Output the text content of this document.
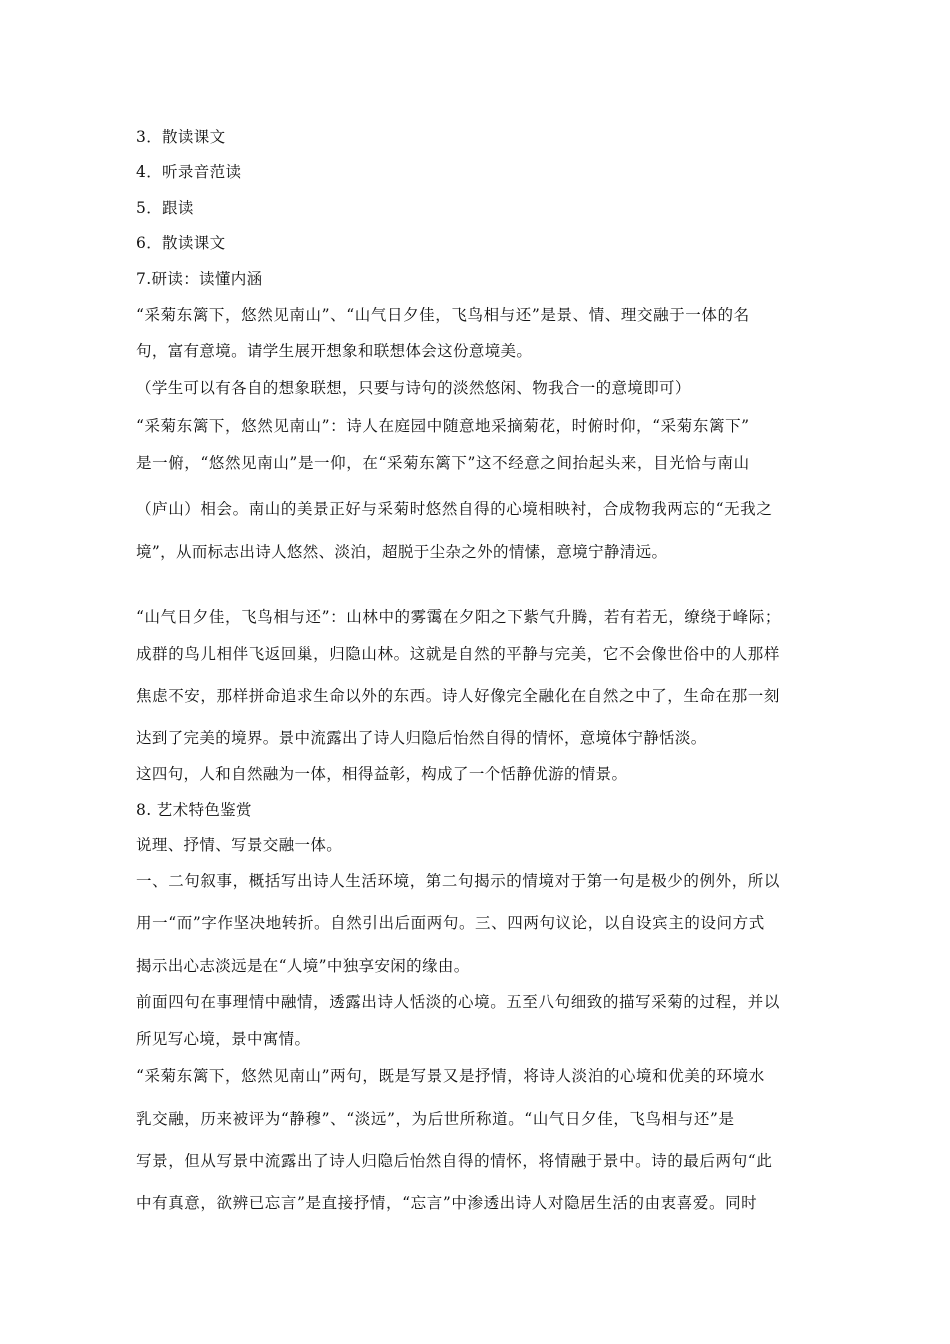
3．散读课文
4．听录音范读
5．跟读
6．散读课文
7.研读：读懂内涵
“采菊东篱下，悠然见南山”、“山气日夕佳，飞鸟相与还”是景、情、理交融于一体的名
句，富有意境。请学生展开想象和联想体会这份意境美。
（学生可以有各自的想象联想，只要与诗句的淡然悠闲、物我合一的意境即可）
“采菊东篱下，悠然见南山”：诗人在庭园中随意地采摘菊花，时俯时仰，“采菊东篱下”
是一俯，“悠然见南山”是一仰，在“采菊东篱下”这不经意之间抬起头来，目光恰与南山
（庐山）相会。南山的美景正好与采菊时悠然自得的心境相映衬，合成物我两忘的“无我之
境”，从而标志出诗人悠然、淡泊，超脱于尘杂之外的情愫，意境宁静清远。
“山气日夕佳，飞鸟相与还”：山林中的雾霭在夕阳之下紫气升腾，若有若无，缭绕于峰际；
成群的鸟儿相伴飞返回巢，归隐山林。这就是自然的平静与完美，它不会像世俗中的人那样
焦虑不安，那样拼命追求生命以外的东西。诗人好像完全融化在自然之中了，生命在那一刻
达到了完美的境界。景中流露出了诗人归隐后怡然自得的情怀，意境体宁静恬淡。
这四句，人和自然融为一体，相得益彰，构成了一个恬静优游的情景。
8. 艺术特色鉴赏
说理、抒情、写景交融一体。
一、二句叙事，概括写出诗人生活环境，第二句揭示的情境对于第一句是极少的例外，所以
用一“而”字作坚决地转折。自然引出后面两句。三、四两句议论，以自设宾主的设问方式
揭示出心志淡远是在“人境”中独享安闲的缘由。
前面四句在事理情中融情，透露出诗人恬淡的心境。五至八句细致的描写采菊的过程，并以
所见写心境，景中寓情。
“采菊东篱下，悠然见南山”两句，既是写景又是抒情，将诗人淡泊的心境和优美的环境水
乳交融，历来被评为“静穆”、“淡远”，为后世所称道。“山气日夕佳，飞鸟相与还”是
写景，但从写景中流露出了诗人归隐后怡然自得的情怀，将情融于景中。诗的最后两句“此
中有真意，欲辨已忘言”是直接抒情，“忘言”中渗透出诗人对隐居生活的由衷喜爱。同时
